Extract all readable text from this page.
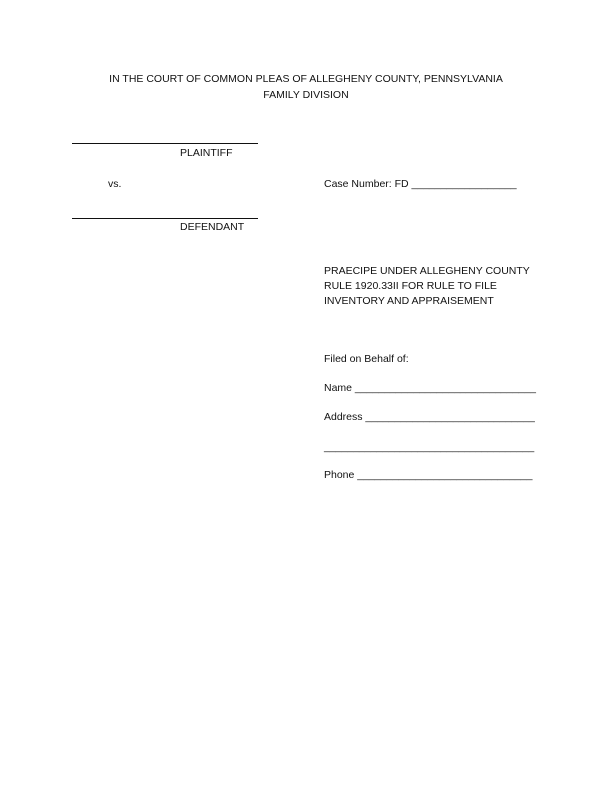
IN THE COURT OF COMMON PLEAS OF ALLEGHENY COUNTY, PENNSYLVANIA
FAMILY DIVISION
PLAINTIFF
vs.	Case Number: FD __________________
DEFENDANT
PRAECIPE UNDER ALLEGHENY COUNTY
RULE 1920.33II FOR RULE TO FILE
INVENTORY AND APPRAISEMENT
Filed on Behalf of:
Name _______________________________
Address _____________________________
____________________________________
Phone ______________________________
